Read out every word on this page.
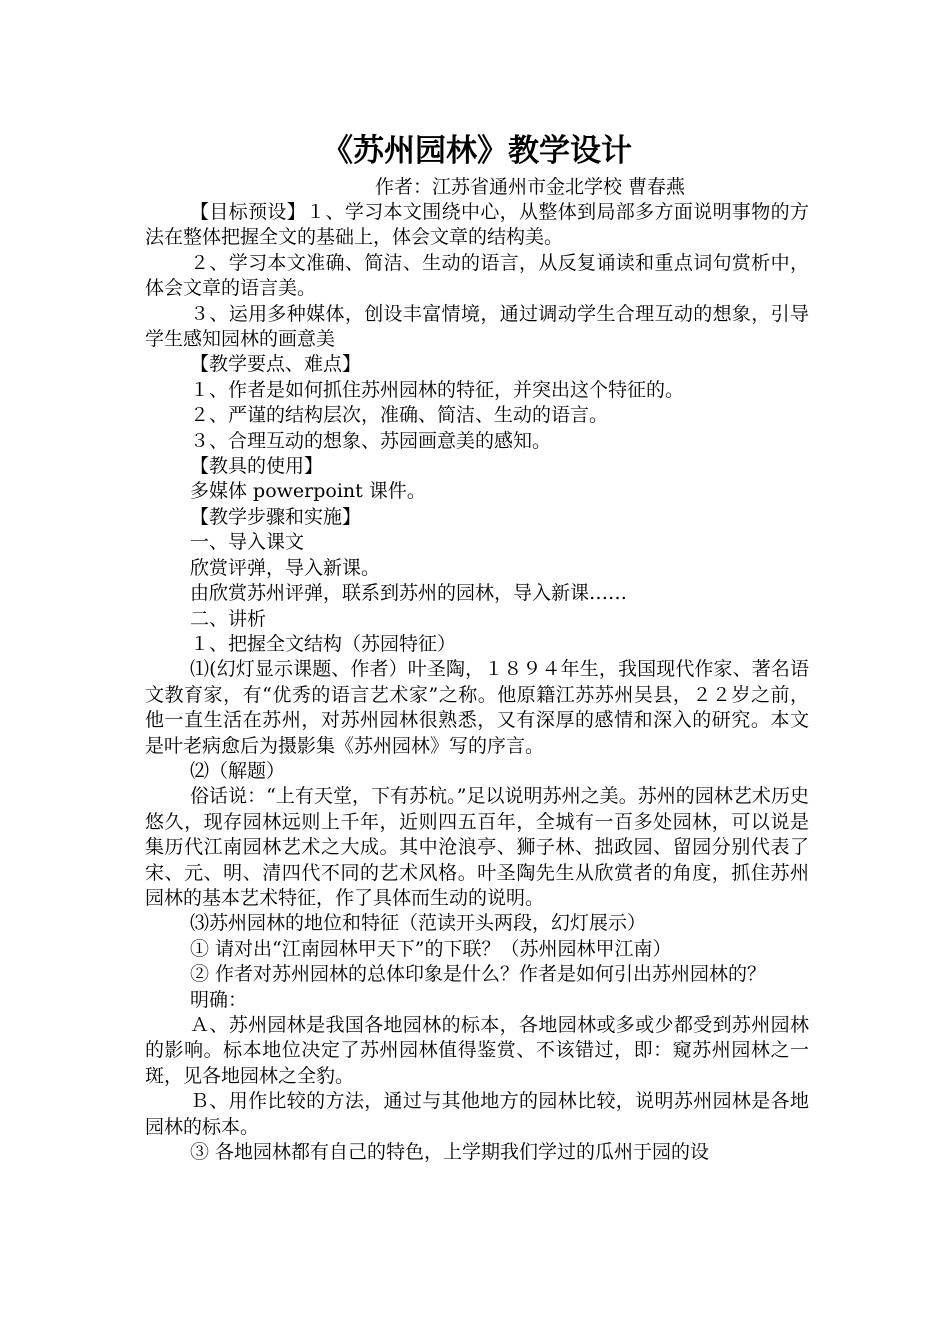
《苏州园林》教学设计
作者：江苏省通州市金北学校 曹春燕

【目标预设】１、学习本文围绕中心，从整体到局部多方面说明事物的方法在整体把握全文的基础上，体会文章的结构美。

２、学习本文准确、简洁、生动的语言，从反复诵读和重点词句赏析中，体会文章的语言美。

３、运用多种媒体，创设丰富情境，通过调动学生合理互动的想象，引导学生感知园林的画意美

【教学要点、难点】

１、作者是如何抓住苏州园林的特征，并突出这个特征的。

２、严谨的结构层次，准确、简洁、生动的语言。

３、合理互动的想象、苏园画意美的感知。

【教具的使用】

多媒体 powerpoint 课件。

【教学步骤和实施】

一、导入课文

欣赏评弹，导入新课。

由欣赏苏州评弹，联系到苏州的园林，导入新课……

二、讲析

１、把握全文结构（苏园特征）

⑴(幻灯显示课题、作者）叶圣陶，１８９４年生，我国现代作家、著名语文教育家，有“优秀的语言艺术家”之称。他原籍江苏苏州吴县，２２岁之前，他一直生活在苏州，对苏州园林很熟悉，又有深厚的感情和深入的研究。本文是叶老病愈后为摄影集《苏州园林》写的序言。

⑵（解题）

俗话说：“上有天堂，下有苏杭。”足以说明苏州之美。苏州的园林艺术历史悠久，现存园林远则上千年，近则四五百年，全城有一百多处园林，可以说是集历代江南园林艺术之大成。其中沧浪亭、狮子林、拙政园、留园分别代表了宋、元、明、清四代不同的艺术风格。叶圣陶先生从欣赏者的角度，抓住苏州园林的基本艺术特征，作了具体而生动的说明。

⑶苏州园林的地位和特征（范读开头两段，幻灯展示）

① 请对出“江南园林甲天下”的下联？（苏州园林甲江南）

② 作者对苏州园林的总体印象是什么？作者是如何引出苏州园林的？

明确：

Ａ、苏州园林是我国各地园林的标本，各地园林或多或少都受到苏州园林的影响。标本地位决定了苏州园林值得鉴赏、不该错过，即：窥苏州园林之一斑，见各地园林之全豹。

Ｂ、用作比较的方法，通过与其他地方的园林比较，说明苏州园林是各地园林的标本。

③ 各地园林都有自己的特色，上学期我们学过的瓜州于园的设
